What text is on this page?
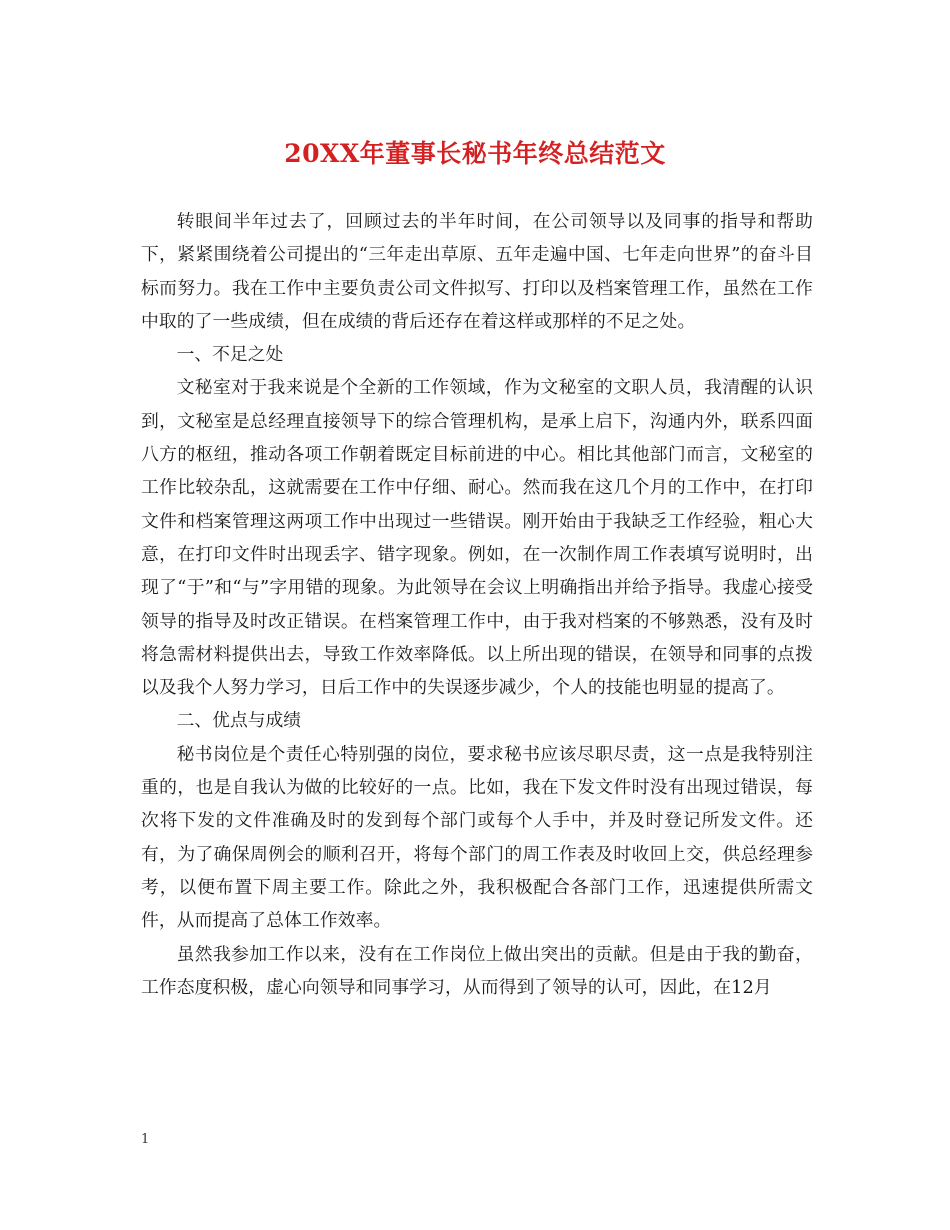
20XX年董事长秘书年终总结范文

转眼间半年过去了，回顾过去的半年时间，在公司领导以及同事的指导和帮助下，紧紧围绕着公司提出的“三年走出草原、五年走遍中国、七年走向世界”的奋斗目标而努力。我在工作中主要负责公司文件拟写、打印以及档案管理工作，虽然在工作中取的了一些成绩，但在成绩的背后还存在着这样或那样的不足之处。

一、不足之处

文秘室对于我来说是个全新的工作领域，作为文秘室的文职人员，我清醒的认识到，文秘室是总经理直接领导下的综合管理机构，是承上启下，沟通内外，联系四面八方的枢纽，推动各项工作朝着既定目标前进的中心。相比其他部门而言，文秘室的工作比较杂乱，这就需要在工作中仔细、耐心。然而我在这几个月的工作中，在打印文件和档案管理这两项工作中出现过一些错误。刚开始由于我缺乏工作经验，粗心大意，在打印文件时出现丢字、错字现象。例如，在一次制作周工作表填写说明时，出现了“于”和“与”字用错的现象。为此领导在会议上明确指出并给予指导。我虚心接受领导的指导及时改正错误。在档案管理工作中，由于我对档案的不够熟悉，没有及时将急需材料提供出去，导致工作效率降低。以上所出现的错误，在领导和同事的点拨以及我个人努力学习，日后工作中的失误逐步减少，个人的技能也明显的提高了。

二、优点与成绩

秘书岗位是个责任心特别强的岗位，要求秘书应该尽职尽责，这一点是我特别注重的，也是自我认为做的比较好的一点。比如，我在下发文件时没有出现过错误，每次将下发的文件准确及时的发到每个部门或每个人手中，并及时登记所发文件。还有，为了确保周例会的顺利召开，将每个部门的周工作表及时收回上交，供总经理参考，以便布置下周主要工作。除此之外，我积极配合各部门工作，迅速提供所需文件，从而提高了总体工作效率。

虽然我参加工作以来，没有在工作岗位上做出突出的贡献。但是由于我的勤奋，工作态度积极，虚心向领导和同事学习，从而得到了领导的认可，因此，在12月

1
